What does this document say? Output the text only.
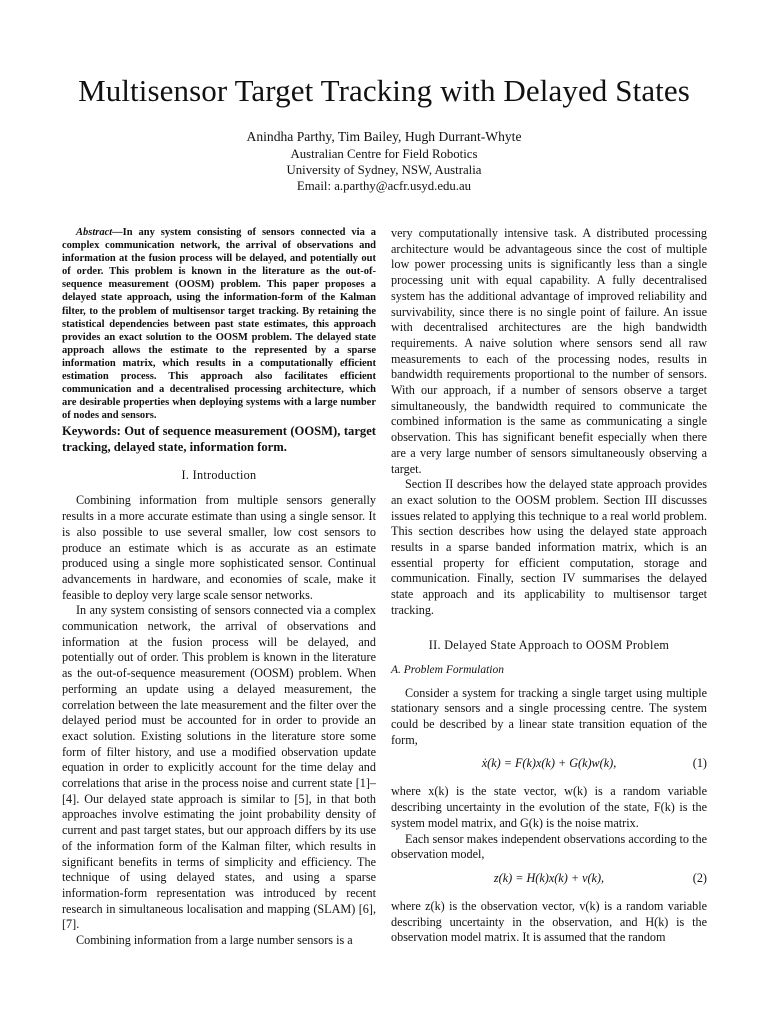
Multisensor Target Tracking with Delayed States
Anindha Parthy, Tim Bailey, Hugh Durrant-Whyte
Australian Centre for Field Robotics
University of Sydney, NSW, Australia
Email: a.parthy@acfr.usyd.edu.au

Abstract—In any system consisting of sensors connected via a complex communication network, the arrival of observations and information at the fusion process will be delayed, and potentially out of order. This problem is known in the literature as the out-of-sequence measurement (OOSM) problem. This paper proposes a delayed state approach, using the information-form of the Kalman filter, to the problem of multisensor target tracking. By retaining the statistical dependencies between past state estimates, this approach provides an exact solution to the OOSM problem. The delayed state approach allows the estimate to the represented by a sparse information matrix, which results in a computationally efficient estimation process. This approach also facilitates efficient communication and a decentralised processing architecture, which are desirable properties when deploying systems with a large number of nodes and sensors.

Keywords: Out of sequence measurement (OOSM), target tracking, delayed state, information form.

I. Introduction

Combining information from multiple sensors generally results in a more accurate estimate than using a single sensor. It is also possible to use several smaller, low cost sensors to produce an estimate which is as accurate as an estimate produced using a single more sophisticated sensor. Continual advancements in hardware, and economies of scale, make it feasible to deploy very large scale sensor networks.

In any system consisting of sensors connected via a complex communication network, the arrival of observations and information at the fusion process will be delayed, and potentially out of order. This problem is known in the literature as the out-of-sequence measurement (OOSM) problem. When performing an update using a delayed measurement, the correlation between the late measurement and the filter over the delayed period must be accounted for in order to provide an exact solution. Existing solutions in the literature store some form of filter history, and use a modified observation update equation in order to explicitly account for the time delay and correlations that arise in the process noise and current state [1]–[4]. Our delayed state approach is similar to [5], in that both approaches involve estimating the joint probability density of current and past target states, but our approach differs by its use of the information form of the Kalman filter, which results in significant benefits in terms of simplicity and efficiency. The technique of using delayed states, and using a sparse information-form representation was introduced by recent research in simultaneous localisation and mapping (SLAM) [6], [7].

Combining information from a large number sensors is a

very computationally intensive task. A distributed processing architecture would be advantageous since the cost of multiple low power processing units is significantly less than a single processing unit with equal capability. A fully decentralised system has the additional advantage of improved reliability and survivability, since there is no single point of failure. An issue with decentralised architectures are the high bandwidth requirements. A naive solution where sensors send all raw measurements to each of the processing nodes, results in bandwidth requirements proportional to the number of sensors. With our approach, if a number of sensors observe a target simultaneously, the bandwidth required to communicate the combined information is the same as communicating a single observation. This has significant benefit especially when there are a very large number of sensors simultaneously observing a target.

Section II describes how the delayed state approach provides an exact solution to the OOSM problem. Section III discusses issues related to applying this technique to a real world problem. This section describes how using the delayed state approach results in a sparse banded information matrix, which is an essential property for efficient computation, storage and communication. Finally, section IV summarises the delayed state approach and its applicability to multisensor target tracking.

II. Delayed State Approach to OOSM Problem
A. Problem Formulation

Consider a system for tracking a single target using multiple stationary sensors and a single processing centre. The system could be described by a linear state transition equation of the form,

ẋ(k) = F(k)x(k) + G(k)w(k),	(1)

where x(k) is the state vector, w(k) is a random variable describing uncertainty in the evolution of the state, F(k) is the system model matrix, and G(k) is the noise matrix.

Each sensor makes independent observations according to the observation model,

z(k) = H(k)x(k) + v(k),	(2)

where z(k) is the observation vector, v(k) is a random variable describing uncertainty in the observation, and H(k) is the observation model matrix. It is assumed that the random
